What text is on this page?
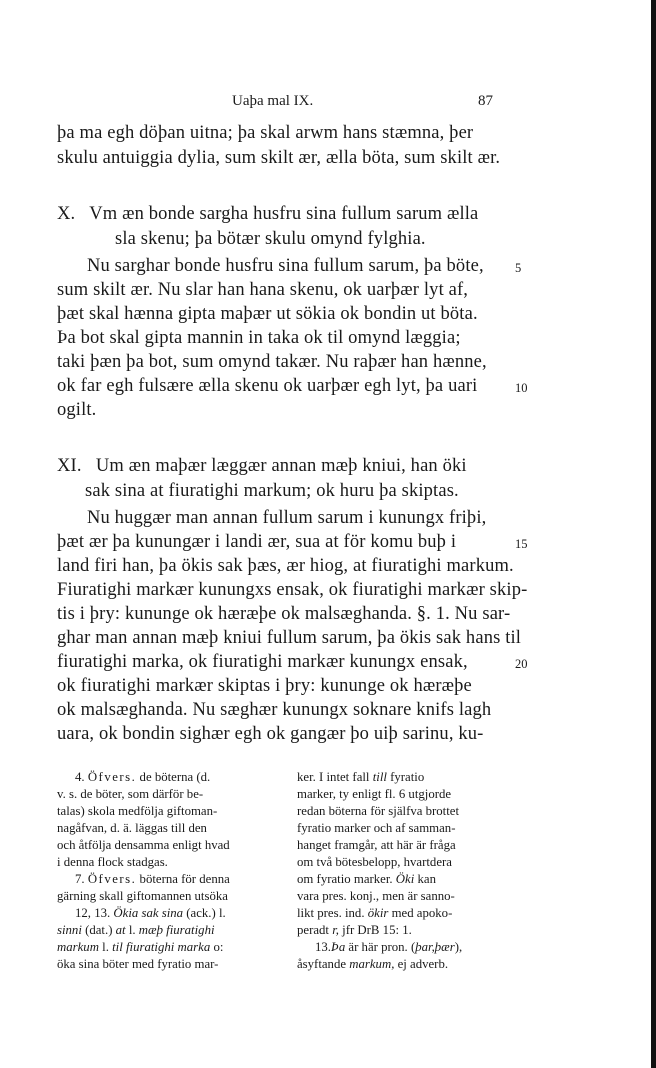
Uaþa mal IX.	87
þa ma egh döþan uitna; þa skal arwm hans stæmna, þer
skulu antuiggia dylia, sum skilt ær, ælla böta, sum skilt ær.
X.   Vm æn bonde sargha husfru sina fullum sarum ælla
sla skenu; þa bötær skulu omynd fylghia.
Nu sarghar bonde husfru sina fullum sarum, þa böte,
sum skilt ær. Nu slar han hana skenu, ok uarþær lyt af,
þæt skal hænna gipta maþær ut sökia ok bondin ut böta.
Þa bot skal gipta mannin in taka ok til omynd læggia;
taki þæn þa bot, sum omynd takær. Nu raþær han hænne,
ok far egh fulsære ælla skenu ok uarþær egh lyt, þa uari
ogilt.
XI.   Um æn maþær læggær annan mæþ kniui, han öki
sak sina at fiuratighi markum; ok huru þa skiptas.
Nu huggær man annan fullum sarum i kunungx friþi,
þæt ær þa kunungær i landi ær, sua at för komu buþ i
land firi han, þa ökis sak þæs, ær hiog, at fiuratighi markum.
Fiuratighi markær kunungxs ensak, ok fiuratighi markær skip-
tis i þry: kununge ok hæræþe ok malsæghanda. §. 1. Nu sar-
ghar man annan mæþ kniui fullum sarum, þa ökis sak hans til
fiuratighi marka, ok fiuratighi markær kunungx ensak,
ok fiuratighi markær skiptas i þry: kununge ok hæræþe
ok malsæghanda. Nu sæghær kunungx soknare knifs lagh
uara, ok bondin sighær egh ok gangær þo uiþ sarinu, ku-
5
10
15
20
4. Öfvers. de böterna (d.
v. s. de böter, som därför be-
talas) skola medfölja giftoman-
nagåfvan, d. ä. läggas till den
och åtfölja densamma enligt hvad
i denna flock stadgas.
7. Öfvers. böterna för denna
gärning skall giftomannen utsöka
12, 13. Ökia sak sina (ack.) l.
sinni (dat.) at l. mæþ fiuratighi
markum l. til fiuratighi marka o:
öka sina böter med fyratio mar-
ker. I intet fall till fyratio
marker, ty enligt fl. 6 utgjorde
redan böterna för själfva brottet
fyratio marker och af samman-
hanget framgår, att här är fråga
om två bötesbelopp, hvartdera
om fyratio marker. Öki kan
vara pres. konj., men är sanno-
likt pres. ind. ökir med apoko-
peradt r, jfr DrB 15: 1.
13.Þa är här pron. (þar,þær),
åsyftande markum, ej adverb.
